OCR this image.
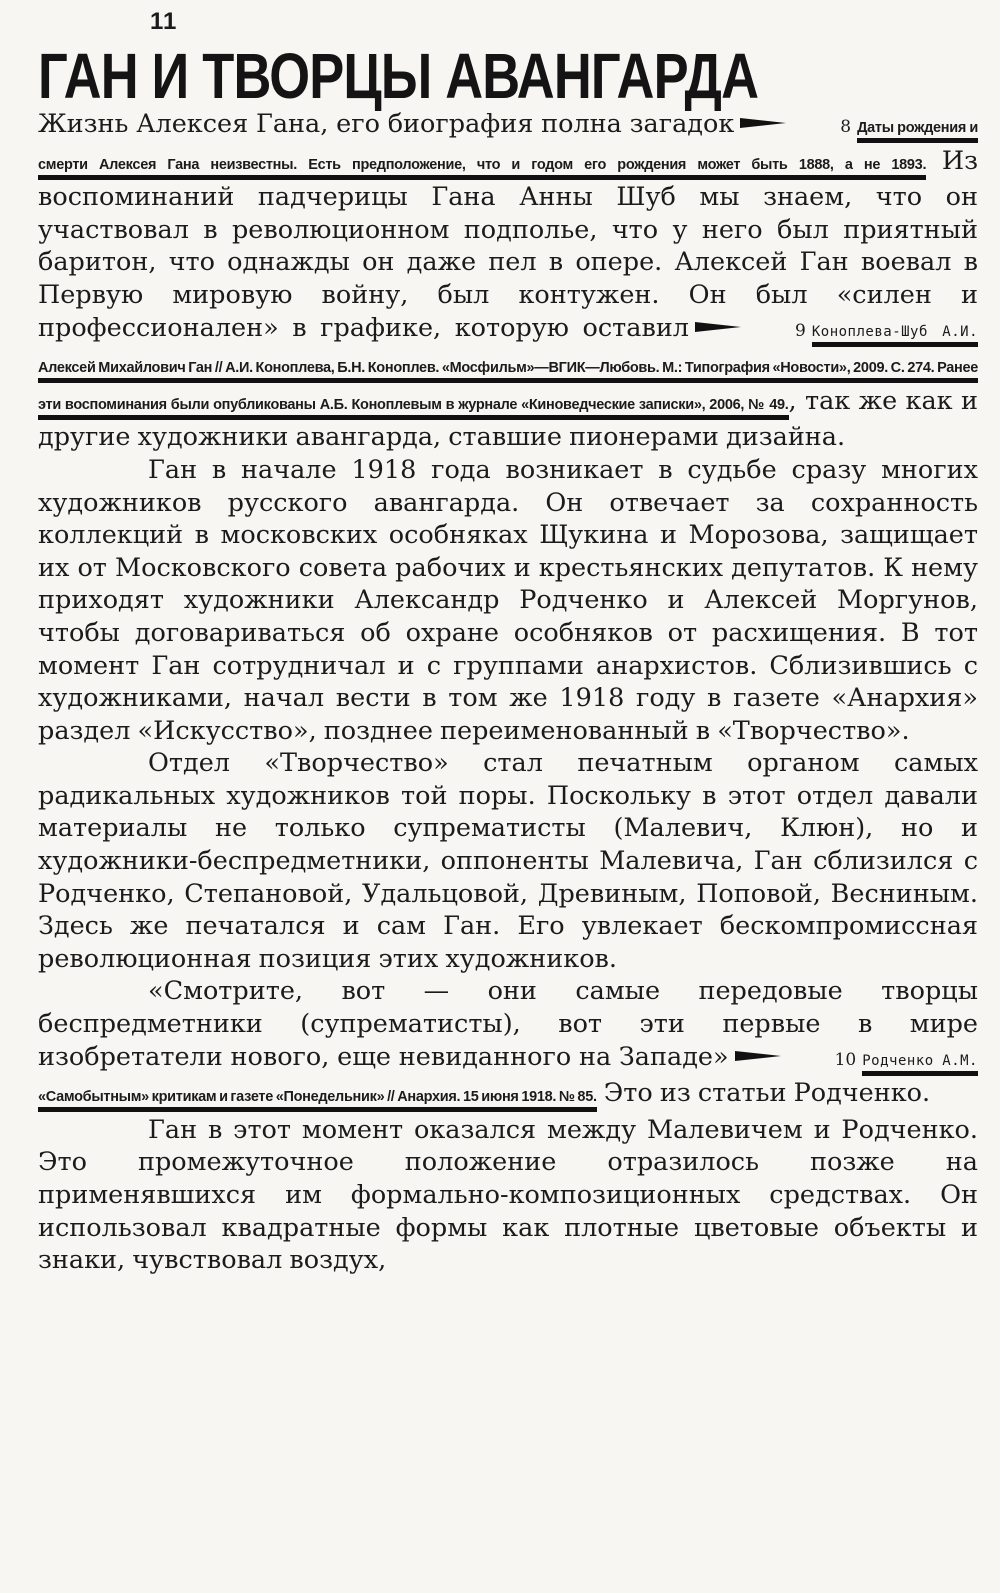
11
ГАН И ТВОРЦЫ АВАНГАРДА

Жизнь Алексея Гана, его биография полна загадок	8 Даты рождения и смерти Алексея Гана неизвестны. Есть предположение, что и годом его рождения может быть 1888, а не 1893. Из воспоминаний падчерицы Гана Анны Шуб мы знаем, что он участвовал в революционном подполье, что у него был приятный баритон, что однажды он даже пел в опере. Алексей Ган воевал в Первую мировую войну, был контужен. Он был «силен и профессионален» в графике, которую оставил	9 Коноплева-Шуб А.И. Алексей Михайлович Ган // А.И. Коноплева, Б.Н. Коноплев. «Мосфильм»—ВГИК—Любовь. М.: Типография «Новости», 2009. С. 274. Ранее эти воспоминания были опубликованы А.Б. Коноплевым в журнале «Киноведческие записки», 2006, № 49., так же как и другие художники авангарда, ставшие пионерами дизайна.

Ган в начале 1918 года возникает в судьбе сразу многих художников русского авангарда. Он отвечает за сохранность коллекций в московских особняках Щукина и Морозова, защищает их от Московского совета рабочих и крестьянских депутатов. К нему приходят художники Александр Родченко и Алексей Моргунов, чтобы договариваться об охране особняков от расхищения. В тот момент Ган сотрудничал и с группами анархистов. Сблизившись с художниками, начал вести в том же 1918 году в газете «Анархия» раздел «Искусство», позднее переименованный в «Творчество».

Отдел «Творчество» стал печатным органом самых радикальных художников той поры. Поскольку в этот отдел давали материалы не только супрематисты (Малевич, Клюн), но и художники-беспредметники, оппоненты Малевича, Ган сблизился с Родченко, Степановой, Удальцовой, Древиным, Поповой, Весниным. Здесь же печатался и сам Ган. Его увлекает бескомпромиссная революционная позиция этих художников.

«Смотрите, вот — они самые передовые творцы беспредметники (супрематисты), вот эти первые в мире изобретатели нового, еще невиданного на Западе»	10 Родченко А.М. «Самобытным» критикам и газете «Понедельник» // Анархия. 15 июня 1918. № 85. Это из статьи Родченко.

Ган в этот момент оказался между Малевичем и Родченко. Это промежуточное положение отразилось позже на применявшихся им формально-композиционных средствах. Он использовал квадратные формы как плотные цветовые объекты и знаки, чувствовал воздух,
